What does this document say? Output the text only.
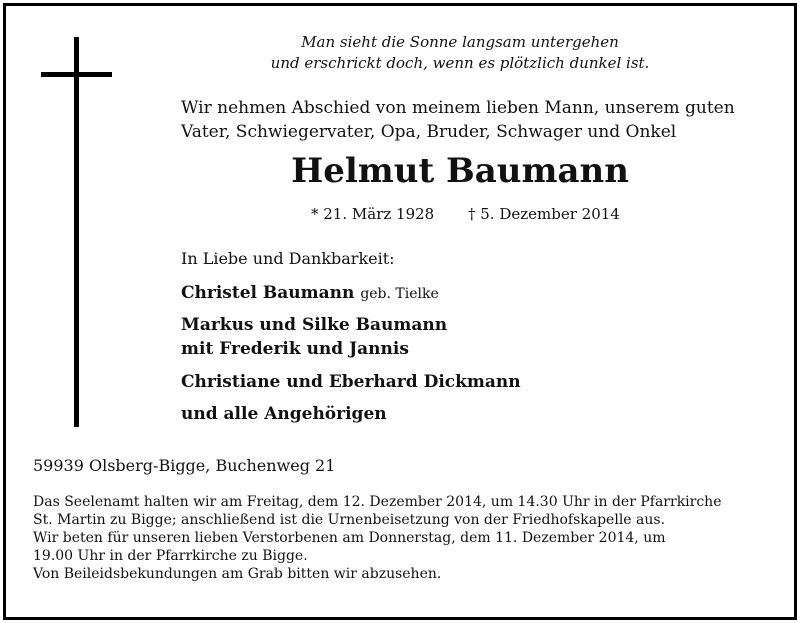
Man sieht die Sonne langsam untergehen
und erschrickt doch, wenn es plötzlich dunkel ist.
Wir nehmen Abschied von meinem lieben Mann, unserem guten
Vater, Schwiegervater, Opa, Bruder, Schwager und Onkel
Helmut Baumann
* 21. März 1928 † 5. Dezember 2014
In Liebe und Dankbarkeit:
Christel Baumann geb. Tielke
Markus und Silke Baumann
mit Frederik und Jannis
Christiane und Eberhard Dickmann
und alle Angehörigen
59939 Olsberg-Bigge, Buchenweg 21
Das Seelenamt halten wir am Freitag, dem 12. Dezember 2014, um 14.30 Uhr in der Pfarrkirche
St. Martin zu Bigge; anschließend ist die Urnenbeisetzung von der Friedhofskapelle aus.
Wir beten für unseren lieben Verstorbenen am Donnerstag, dem 11. Dezember 2014, um
19.00 Uhr in der Pfarrkirche zu Bigge.
Von Beileidsbekundungen am Grab bitten wir abzusehen.
